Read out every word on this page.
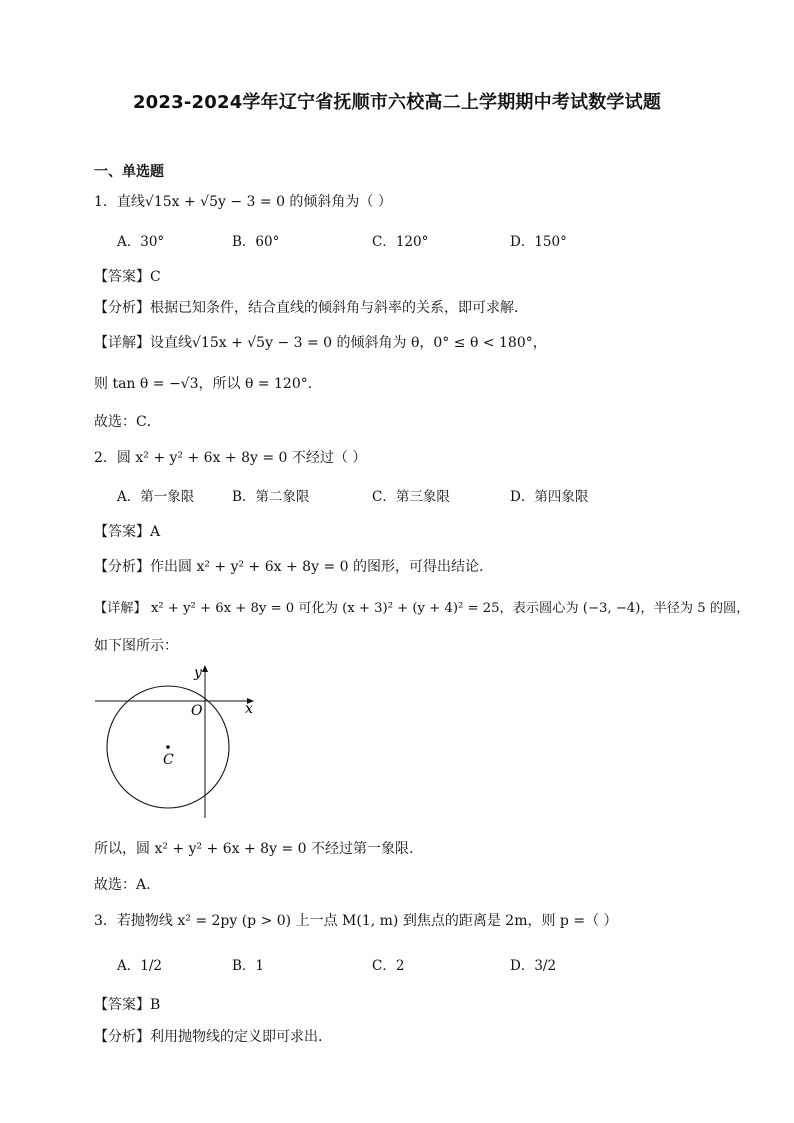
2023-2024学年辽宁省抚顺市六校高二上学期期中考试数学试题
一、单选题
1．直线√15x + √5y − 3 = 0 的倾斜角为（ ）
A．30°	B．60°	C．120°	D．150°
【答案】C
【分析】根据已知条件，结合直线的倾斜角与斜率的关系，即可求解．
【详解】设直线√15x + √5y − 3 = 0 的倾斜角为 θ，0° ≤ θ < 180°，
则 tan θ = −√3，所以 θ = 120°．
故选：C．
2．圆 x² + y² + 6x + 8y = 0 不经过（ ）
A．第一象限	B．第二象限	C．第三象限	D．第四象限
【答案】A
【分析】作出圆 x² + y² + 6x + 8y = 0 的图形，可得出结论.
【详解】 x² + y² + 6x + 8y = 0 可化为 (x + 3)² + (y + 4)² = 25，表示圆心为 (−3, −4)，半径为 5 的圆，
如下图所示：
C
O	x
y
所以，圆 x² + y² + 6x + 8y = 0 不经过第一象限.
故选：A.
3．若抛物线 x² = 2py (p > 0) 上一点 M(1, m) 到焦点的距离是 2m，则 p =（ ）
A．1/2	B．1	C．2	D．3/2
【答案】B
【分析】利用抛物线的定义即可求出.
